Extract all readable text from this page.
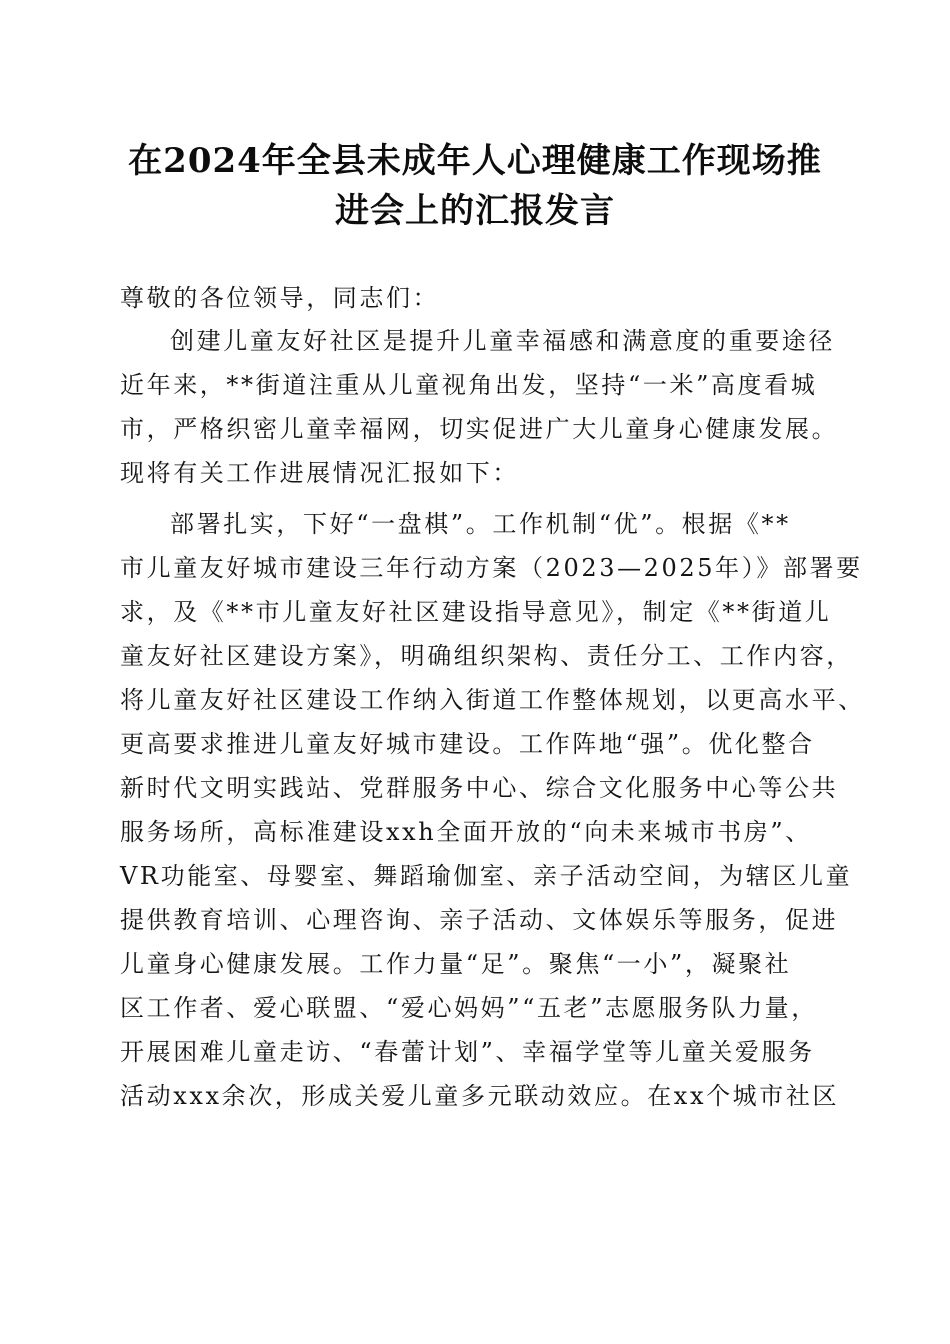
在2024年全县未成年人心理健康工作现场推
进会上的汇报发言
尊敬的各位领导，同志们：
创建儿童友好社区是提升儿童幸福感和满意度的重要途径
近年来，**街道注重从儿童视角出发，坚持“一米”高度看城
市，严格织密儿童幸福网，切实促进广大儿童身心健康发展。
现将有关工作进展情况汇报如下：
部署扎实，下好“一盘棋”。工作机制“优”。根据《**
市儿童友好城市建设三年行动方案（2023—2025年）》部署要
求，及《**市儿童友好社区建设指导意见》，制定《**街道儿
童友好社区建设方案》，明确组织架构、责任分工、工作内容，
将儿童友好社区建设工作纳入街道工作整体规划，以更高水平、
更高要求推进儿童友好城市建设。工作阵地“强”。优化整合
新时代文明实践站、党群服务中心、综合文化服务中心等公共
服务场所，高标准建设xxh全面开放的“向未来城市书房”、
VR功能室、母婴室、舞蹈瑜伽室、亲子活动空间，为辖区儿童
提供教育培训、心理咨询、亲子活动、文体娱乐等服务，促进
儿童身心健康发展。工作力量“足”。聚焦“一小”，凝聚社
区工作者、爱心联盟、“爱心妈妈”“五老”志愿服务队力量，
开展困难儿童走访、“春蕾计划”、幸福学堂等儿童关爱服务
活动xxx余次，形成关爱儿童多元联动效应。在xx个城市社区
